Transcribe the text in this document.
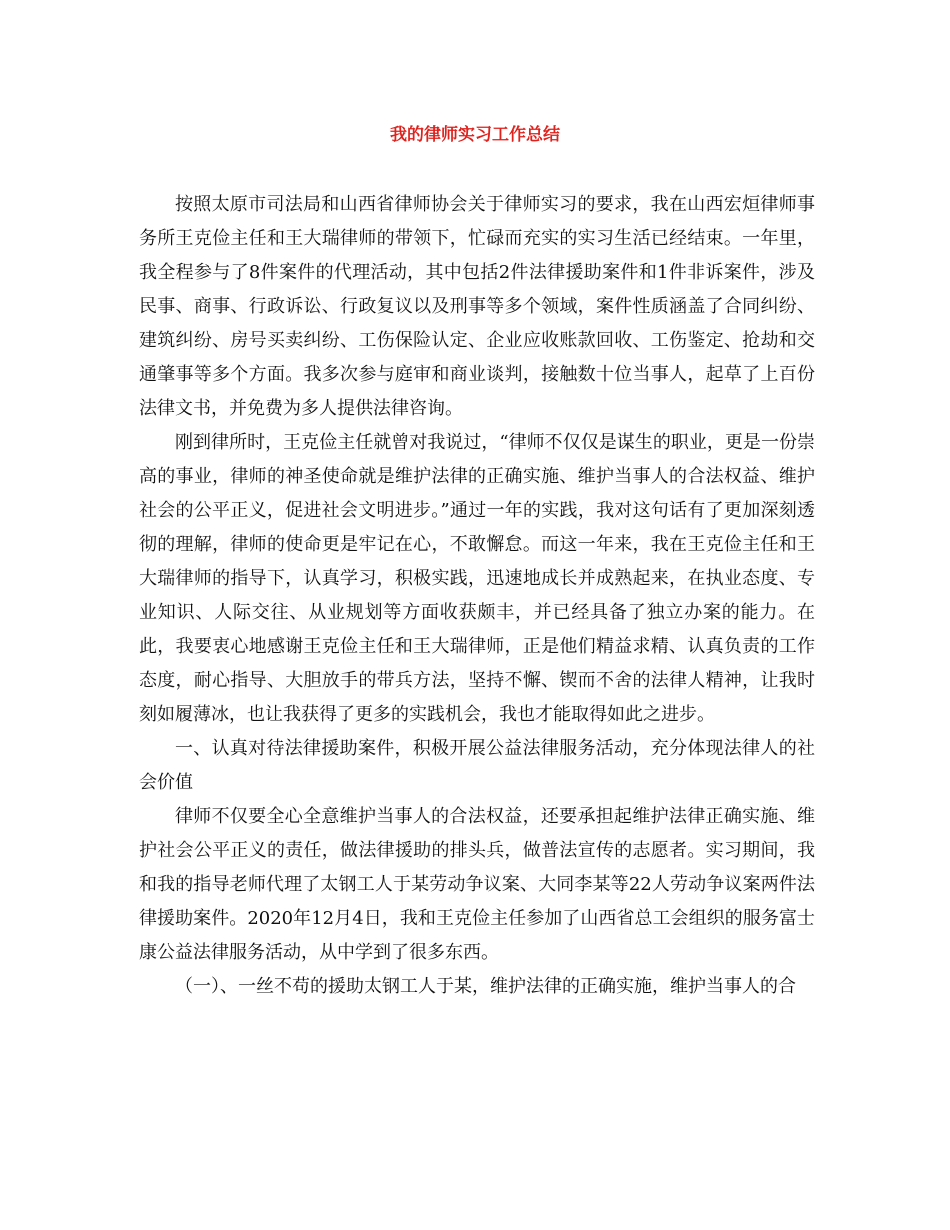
我的律师实习工作总结

按照太原市司法局和山西省律师协会关于律师实习的要求，我在山西宏烜律师事务所王克俭主任和王大瑞律师的带领下，忙碌而充实的实习生活已经结束。一年里，我全程参与了8件案件的代理活动，其中包括2件法律援助案件和1件非诉案件，涉及民事、商事、行政诉讼、行政复议以及刑事等多个领域，案件性质涵盖了合同纠纷、建筑纠纷、房号买卖纠纷、工伤保险认定、企业应收账款回收、工伤鉴定、抢劫和交通肇事等多个方面。我多次参与庭审和商业谈判，接触数十位当事人，起草了上百份法律文书，并免费为多人提供法律咨询。

刚到律所时，王克俭主任就曾对我说过，“律师不仅仅是谋生的职业，更是一份崇高的事业，律师的神圣使命就是维护法律的正确实施、维护当事人的合法权益、维护社会的公平正义，促进社会文明进步。”通过一年的实践，我对这句话有了更加深刻透彻的理解，律师的使命更是牢记在心，不敢懈怠。而这一年来，我在王克俭主任和王大瑞律师的指导下，认真学习，积极实践，迅速地成长并成熟起来，在执业态度、专业知识、人际交往、从业规划等方面收获颇丰，并已经具备了独立办案的能力。在此，我要衷心地感谢王克俭主任和王大瑞律师，正是他们精益求精、认真负责的工作态度，耐心指导、大胆放手的带兵方法，坚持不懈、锲而不舍的法律人精神，让我时刻如履薄冰，也让我获得了更多的实践机会，我也才能取得如此之进步。

一、认真对待法律援助案件，积极开展公益法律服务活动，充分体现法律人的社会价值

律师不仅要全心全意维护当事人的合法权益，还要承担起维护法律正确实施、维护社会公平正义的责任，做法律援助的排头兵，做普法宣传的志愿者。实习期间，我和我的指导老师代理了太钢工人于某劳动争议案、大同李某等22人劳动争议案两件法律援助案件。2020年12月4日，我和王克俭主任参加了山西省总工会组织的服务富士康公益法律服务活动，从中学到了很多东西。

（一）、一丝不苟的援助太钢工人于某，维护法律的正确实施，维护当事人的合
